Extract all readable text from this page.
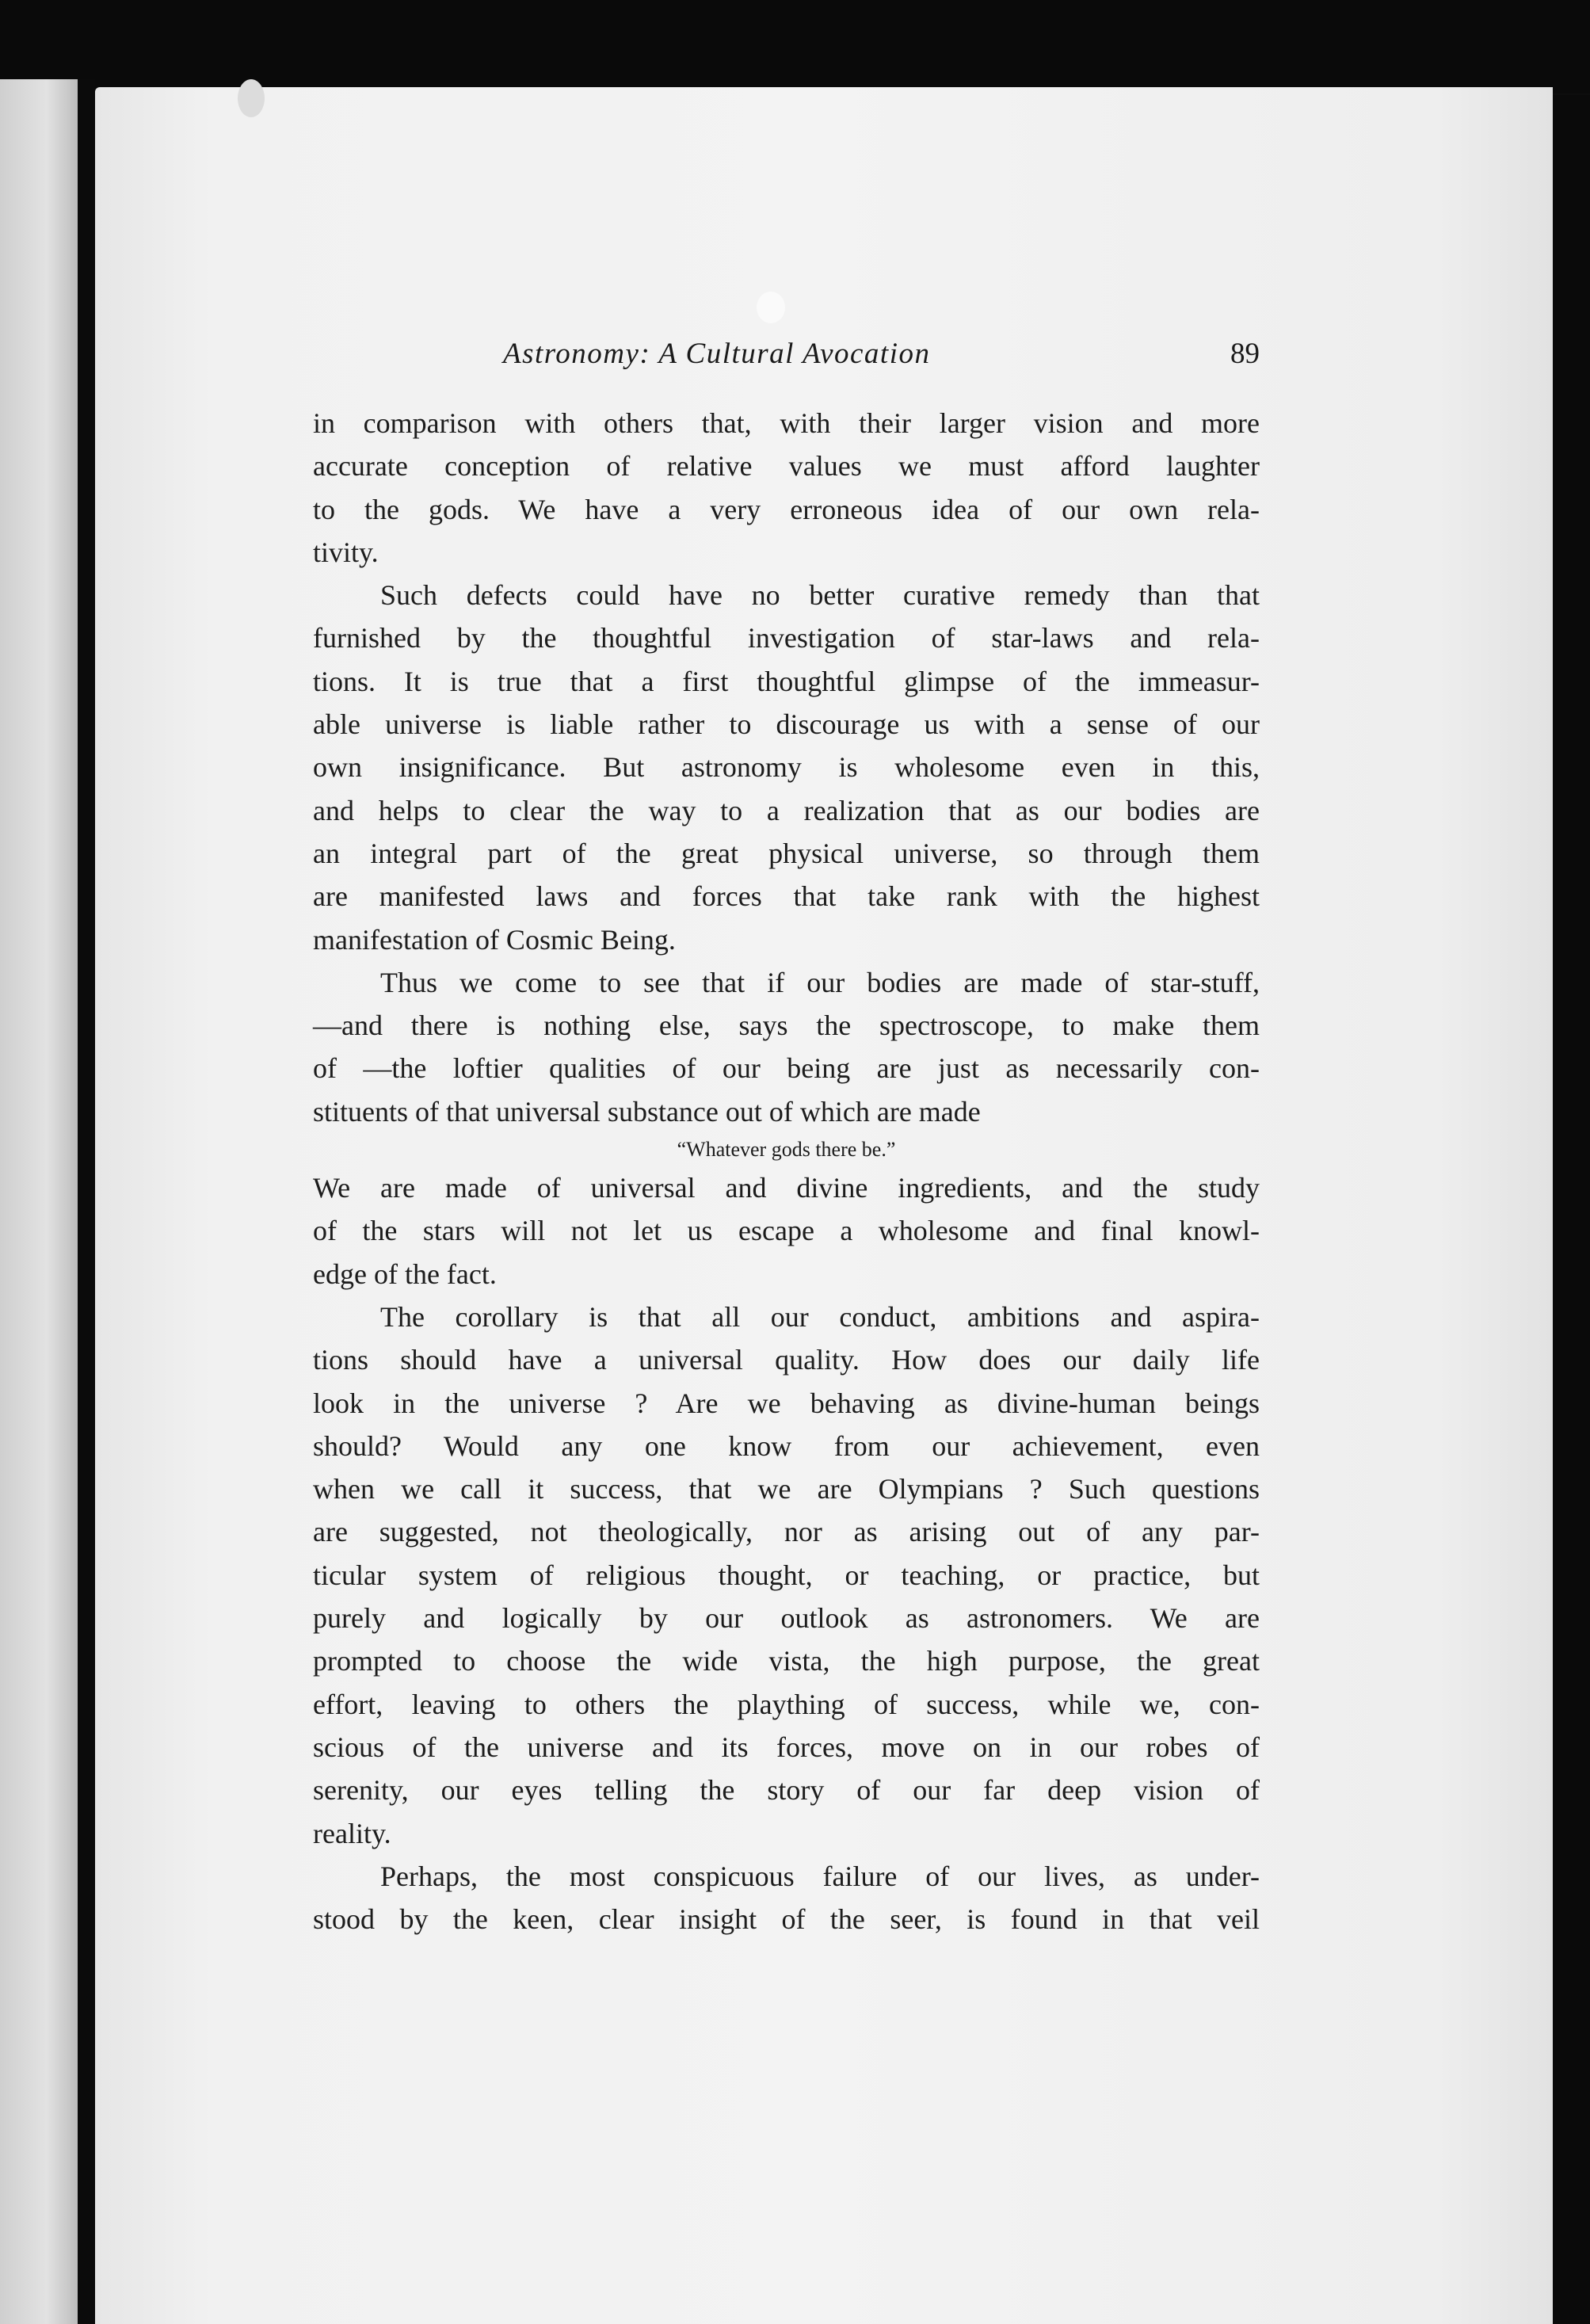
Astronomy: A Cultural Avocation	89
in comparison with others that, with their larger vision and more
accurate conception of relative values we must afford laughter
to the gods. We have a very erroneous idea of our own rela-
tivity.
Such defects could have no better curative remedy than that
furnished by the thoughtful investigation of star-laws and rela-
tions. It is true that a first thoughtful glimpse of the immeasur-
able universe is liable rather to discourage us with a sense of our
own insignificance. But astronomy is wholesome even in this,
and helps to clear the way to a realization that as our bodies are
an integral part of the great physical universe, so through them
are manifested laws and forces that take rank with the highest
manifestation of Cosmic Being.
Thus we come to see that if our bodies are made of star-stuff,
—and there is nothing else, says the spectroscope, to make them
of —the loftier qualities of our being are just as necessarily con-
stituents of that universal substance out of which are made

“Whatever gods there be.”

We are made of universal and divine ingredients, and the study
of the stars will not let us escape a wholesome and final knowl-
edge of the fact.
The corollary is that all our conduct, ambitions and aspira-
tions should have a universal quality. How does our daily life
look in the universe ? Are we behaving as divine-human beings
should? Would any one know from our achievement, even
when we call it success, that we are Olympians ? Such questions
are suggested, not theologically, nor as arising out of any par-
ticular system of religious thought, or teaching, or practice, but
purely and logically by our outlook as astronomers. We are
prompted to choose the wide vista, the high purpose, the great
effort, leaving to others the plaything of success, while we, con-
scious of the universe and its forces, move on in our robes of
serenity, our eyes telling the story of our far deep vision of
reality.
Perhaps, the most conspicuous failure of our lives, as under-
stood by the keen, clear insight of the seer, is found in that veil
